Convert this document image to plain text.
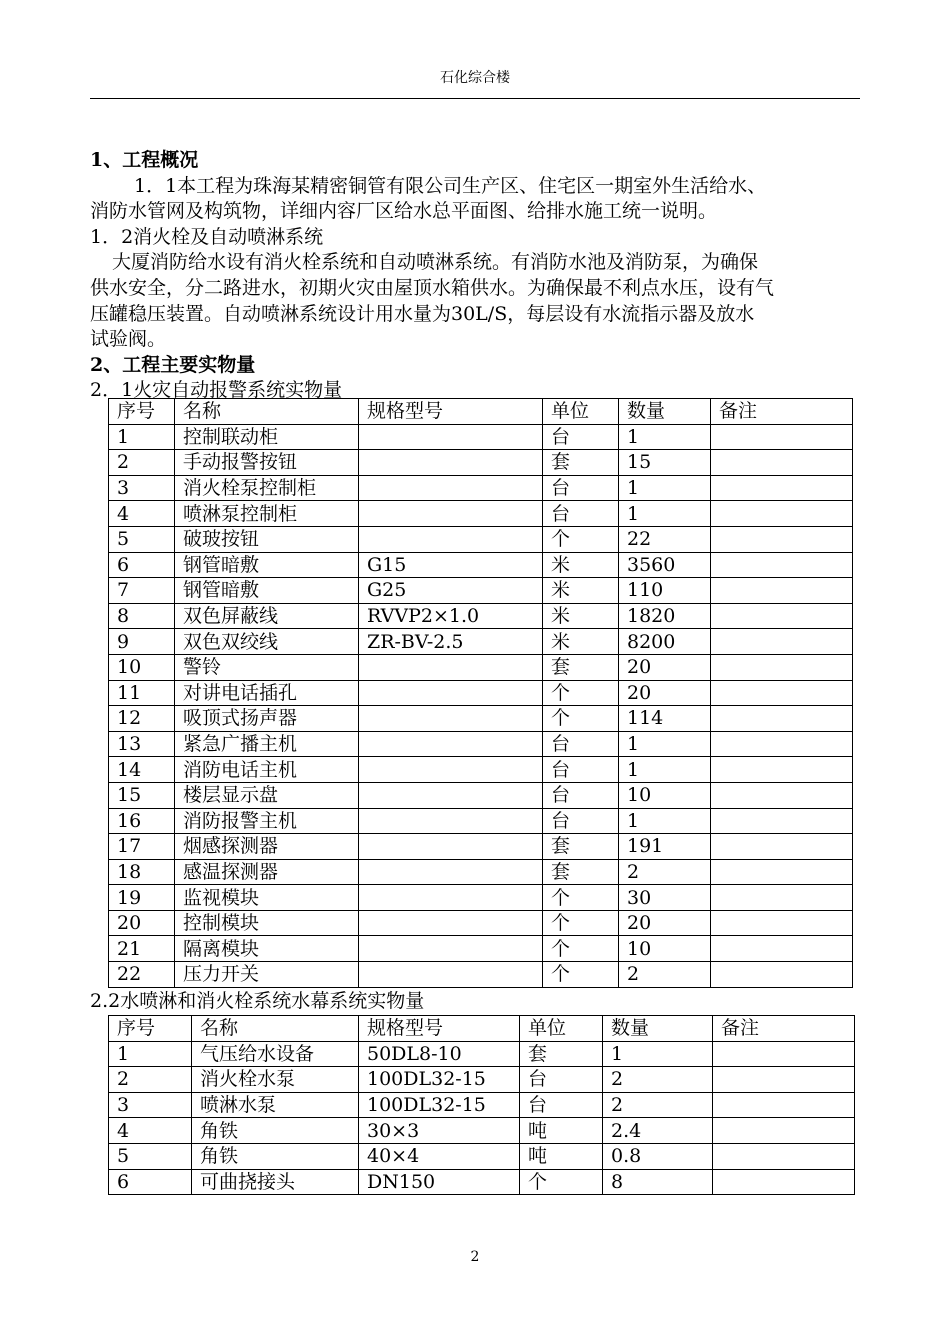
石化综合楼
1、工程概况
1．1本工程为珠海某精密铜管有限公司生产区、住宅区一期室外生活给水、
消防水管网及构筑物，详细内容厂区给水总平面图、给排水施工统一说明。
1．2消火栓及自动喷淋系统
大厦消防给水设有消火栓系统和自动喷淋系统。有消防水池及消防泵，为确保
供水安全，分二路进水，初期火灾由屋顶水箱供水。为确保最不利点水压，设有气
压罐稳压装置。自动喷淋系统设计用水量为30L/S，每层设有水流指示器及放水
试验阀。
2、工程主要实物量
2．1火灾自动报警系统实物量
序号	名称	规格型号	单位	数量	备注
1	控制联动柜		台	1	
2	手动报警按钮		套	15	
3	消火栓泵控制柜		台	1	
4	喷淋泵控制柜		台	1	
5	破玻按钮		个	22	
6	钢管暗敷	G15	米	3560	
7	钢管暗敷	G25	米	110	
8	双色屏蔽线	RVVP2×1.0	米	1820	
9	双色双绞线	ZR-BV-2.5	米	8200	
10	警铃		套	20	
11	对讲电话插孔		个	20	
12	吸顶式扬声器		个	114	
13	紧急广播主机		台	1	
14	消防电话主机		台	1	
15	楼层显示盘		台	10	
16	消防报警主机		台	1	
17	烟感探测器		套	191	
18	感温探测器		套	2	
19	监视模块		个	30	
20	控制模块		个	20	
21	隔离模块		个	10	
22	压力开关		个	2	
2.2水喷淋和消火栓系统水幕系统实物量
序号	名称	规格型号	单位	数量	备注
1	气压给水设备	50DL8-10	套	1	
2	消火栓水泵	100DL32-15	台	2	
3	喷淋水泵	100DL32-15	台	2	
4	角铁	30×3	吨	2.4	
5	角铁	40×4	吨	0.8	
6	可曲挠接头	DN150	个	8	
2
